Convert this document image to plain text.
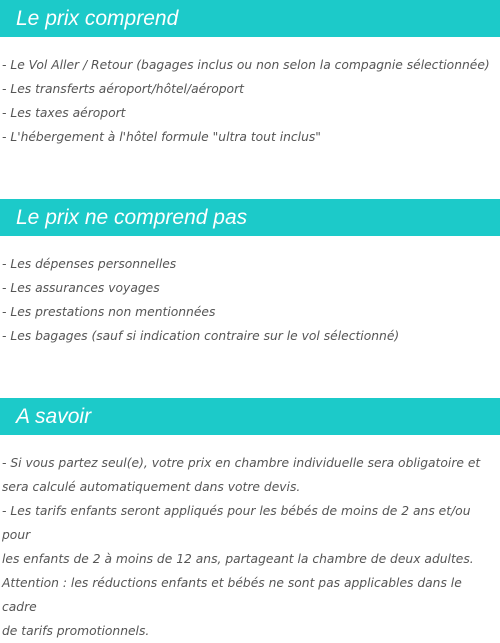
Le prix comprend
- Le Vol Aller / Retour (bagages inclus ou non selon la compagnie sélectionnée)
- Les transferts aéroport/hôtel/aéroport
- Les taxes aéroport
- L'hébergement à l'hôtel formule "ultra tout inclus"
Le prix ne comprend pas
- Les dépenses personnelles
- Les assurances voyages
- Les prestations non mentionnées
- Les bagages (sauf si indication contraire sur le vol sélectionné)
A savoir
- Si vous partez seul(e), votre prix en chambre individuelle sera obligatoire et
sera calculé automatiquement dans votre devis.
- Les tarifs enfants seront appliqués pour les bébés de moins de 2 ans et/ou pour
les enfants de 2 à moins de 12 ans, partageant la chambre de deux adultes.
Attention : les réductions enfants et bébés ne sont pas applicables dans le cadre
de tarifs promotionnels.
